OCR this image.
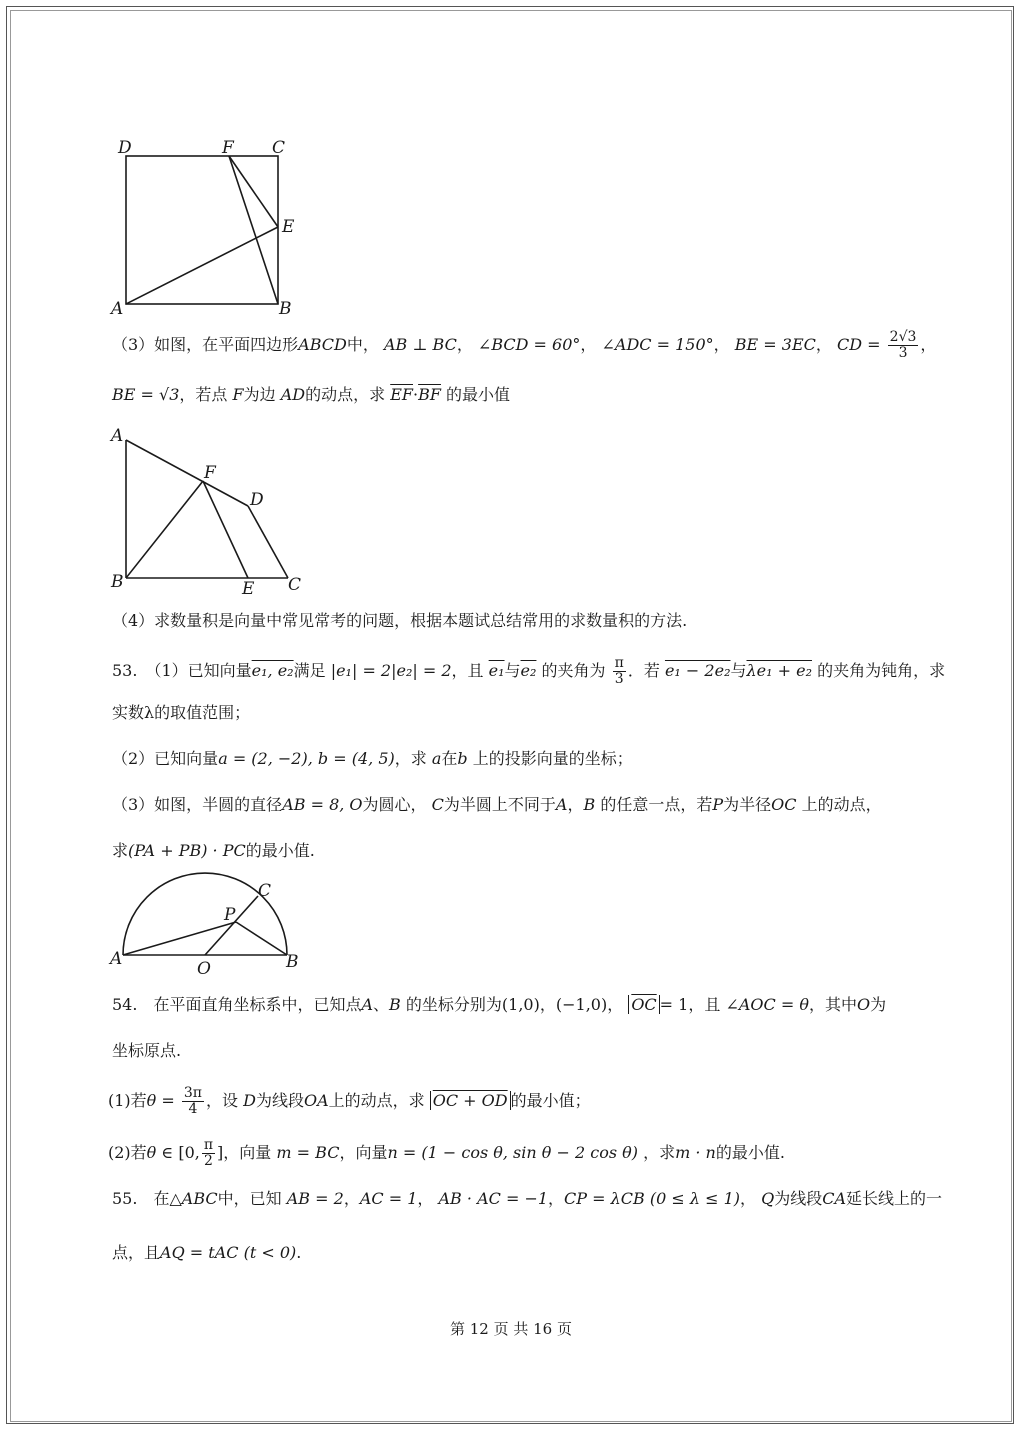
D	F C
E
A	B
A
F
D
B	E C
C
P
A	O	B
（3）如图，在平面四边形ABCD中， AB ⊥ BC， ∠BCD = 60°， ∠ADC = 150°， BE = 3EC， CD = $\frac{2√3}{3}$ ，
BE = √3，若点 F为边 AD的动点，求 $\overline{EF}\cdot\overline{BF}$ 的最小值
（4）求数量积是向量中常见常考的问题，根据本题试总结常用的求数量积的方法.
53.　（1）已知向量e₁, e₂满足 |e₁| = 2|e₂| = 2，且 e₁与e₂ 的夹角为 $\frac{\pi}{3}$ ．若 e₁ − 2e₂与λe₁ + e₂ 的夹角为钝角，求
实数λ的取值范围；
（2）已知向量a = (2, −2), b = (4, 5)，求 a在b 上的投影向量的坐标；
（3）如图，半圆的直径AB = 8, O为圆心， C为半圆上不同于A，B 的任意一点，若P为半径OC 上的动点，
求(PA + PB) · PC的最小值.
54.　在平面直角坐标系中，已知点A、B 的坐标分别为(1,0)，(−1,0)， $\overline{OC} = 1$，且 ∠AOC = θ，其中O为
坐标原点.
(1)若$\theta = \frac{3\pi}{4}$ ，设 D为线段OA上的动点，求 OC + OD 的最小值；
(2)若θ ∈ [0, $\frac{\pi}{2}$ ]，向量 m = BC，向量n = (1 − cos θ, sin θ − 2 cos θ) ，求m · n的最小值.
55.　在△ABC中，已知 AB = 2，AC = 1， AB · AC = −1，CP = λCB (0 ≤ λ ≤ 1)， Q为线段CA延长线上的一
点，且AQ = tAC (t < 0).
第 12 页 共 16 页
